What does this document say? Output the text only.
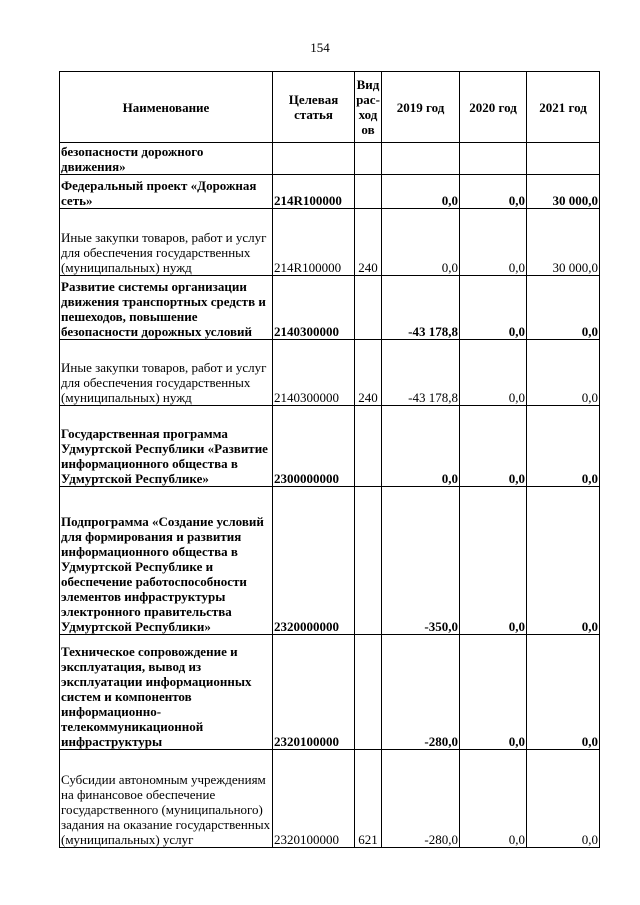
154
Наименование	Целевая статья	Вид рас-ходов	2019 год	2020 год	2021 год
безопасности дорожного движения»					
Федеральный проект «Дорожная сеть»	214R100000		0,0	0,0	30 000,0
Иные закупки товаров, работ и услуг для обеспечения государственных (муниципальных) нужд	214R100000	240	0,0	0,0	30 000,0
Развитие системы организации движения транспортных средств и пешеходов, повышение безопасности дорожных условий	2140300000		-43 178,8	0,0	0,0
Иные закупки товаров, работ и услуг для обеспечения государственных (муниципальных) нужд	2140300000	240	-43 178,8	0,0	0,0
Государственная программа Удмуртской Республики «Развитие информационного общества в Удмуртской Республике»	2300000000		0,0	0,0	0,0
Подпрограмма «Создание условий для формирования и развития информационного общества в Удмуртской Республике и обеспечение работоспособности элементов инфраструктуры электронного правительства Удмуртской Республики»	2320000000		-350,0	0,0	0,0
Техническое сопровождение и эксплуатация, вывод из эксплуатации информационных систем и компонентов информационно-телекоммуникационной инфраструктуры	2320100000		-280,0	0,0	0,0
Субсидии автономным учреждениям на финансовое обеспечение государственного (муниципального) задания на оказание государственных (муниципальных) услуг	2320100000	621	-280,0	0,0	0,0
